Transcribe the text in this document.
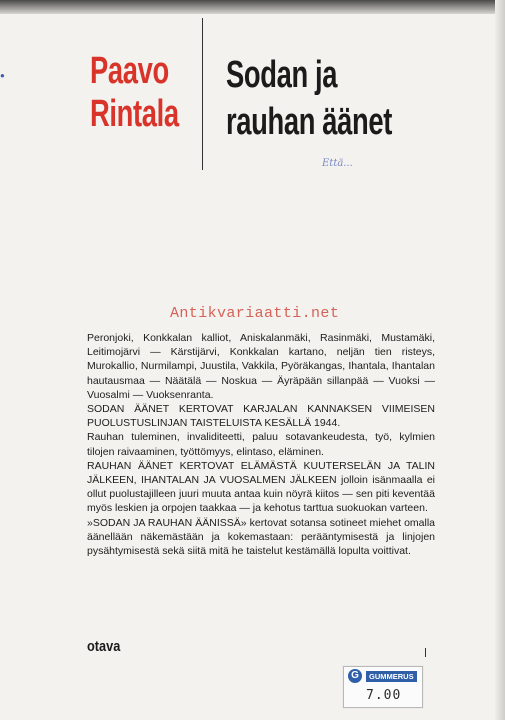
● Paavo
Rintala
Sodan ja
rauhan äänet
Että...
Antikvariaatti.net

Peronjoki, Konkkalan kalliot, Aniskalanmäki, Rasinmäki, Mustamäki, Leitimojärvi — Kärstijärvi, Konkkalan kartano, neljän tien risteys, Murokallio, Nurmilampi, Juustila, Vakkila, Pyöräkangas, Ihantala, Ihantalan hautausmaa — Näätälä — Noskua — Äyräpään sillanpää — Vuoksi — Vuosalmi — Vuoksenranta.

SODAN ÄÄNET KERTOVAT KARJALAN KANNAKSEN VIIMEISEN PUOLUSTUSLINJAN TAISTELUISTA KESÄLLÄ 1944.

Rauhan tuleminen, invaliditeetti, paluu sotavankeudesta, työ, kylmien tilojen raivaaminen, työttömyys, elintaso, eläminen.

RAUHAN ÄÄNET KERTOVAT ELÄMÄSTÄ KUUTERSELÄN JA TALIN JÄLKEEN, IHANTALAN JA VUOSALMEN JÄLKEEN jolloin isänmaalla ei ollut puolustajilleen juuri muuta antaa kuin nöyrä kiitos — sen piti keventää myös leskien ja orpojen taakkaa — ja kehotus tarttua suokuokan varteen.

»SODAN JA RAUHAN ÄÄNISSÄ» kertovat sotansa sotineet miehet omalla äänellään näkemästään ja kokemastaan: perääntymisestä ja linjojen pysähtymisestä sekä siitä mitä he taistelut kestämällä lopulta voittivat.

otava
G	GUMMERUS
7.00
